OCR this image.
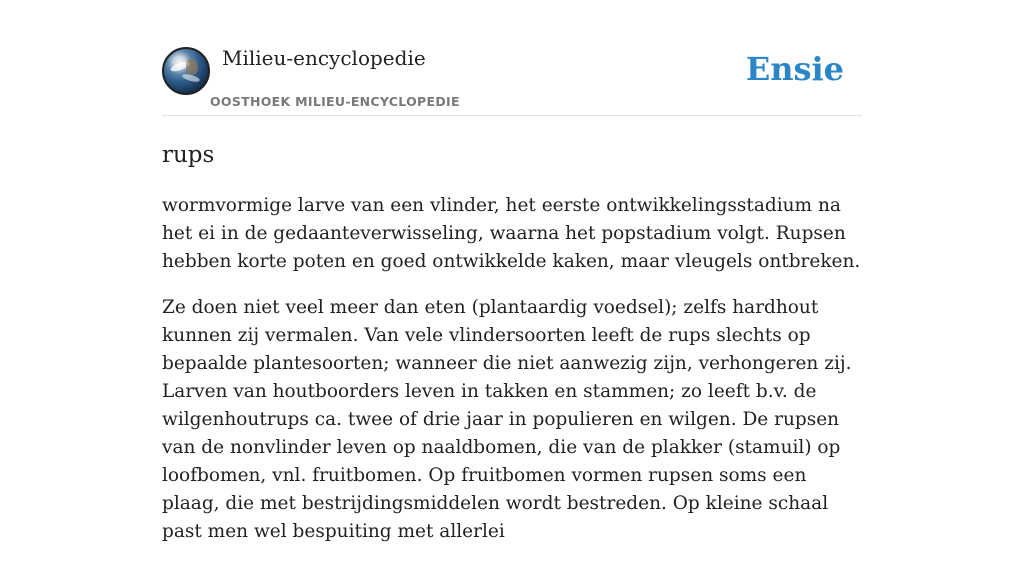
Milieu-encyclopedie
OOSTHOEK MILIEU-ENCYCLOPEDIE
Ensie
rups

wormvormige larve van een vlinder, het eerste ontwikkelingsstadium na het ei in de gedaanteverwisseling, waarna het popstadium volgt. Rupsen hebben korte poten en goed ontwikkelde kaken, maar vleugels ontbreken.

Ze doen niet veel meer dan eten (plantaardig voedsel); zelfs hardhout kunnen zij vermalen. Van vele vlindersoorten leeft de rups slechts op bepaalde plantesoorten; wanneer die niet aanwezig zijn, verhongeren zij. Larven van houtboorders leven in takken en stammen; zo leeft b.v. de wilgenhoutrups ca. twee of drie jaar in populieren en wilgen. De rupsen van de nonvlinder leven op naaldbomen, die van de plakker (stamuil) op loofbomen, vnl. fruitbomen. Op fruitbomen vormen rupsen soms een plaag, die met bestrijdingsmiddelen wordt bestreden. Op kleine schaal past men wel bespuiting met allerlei
